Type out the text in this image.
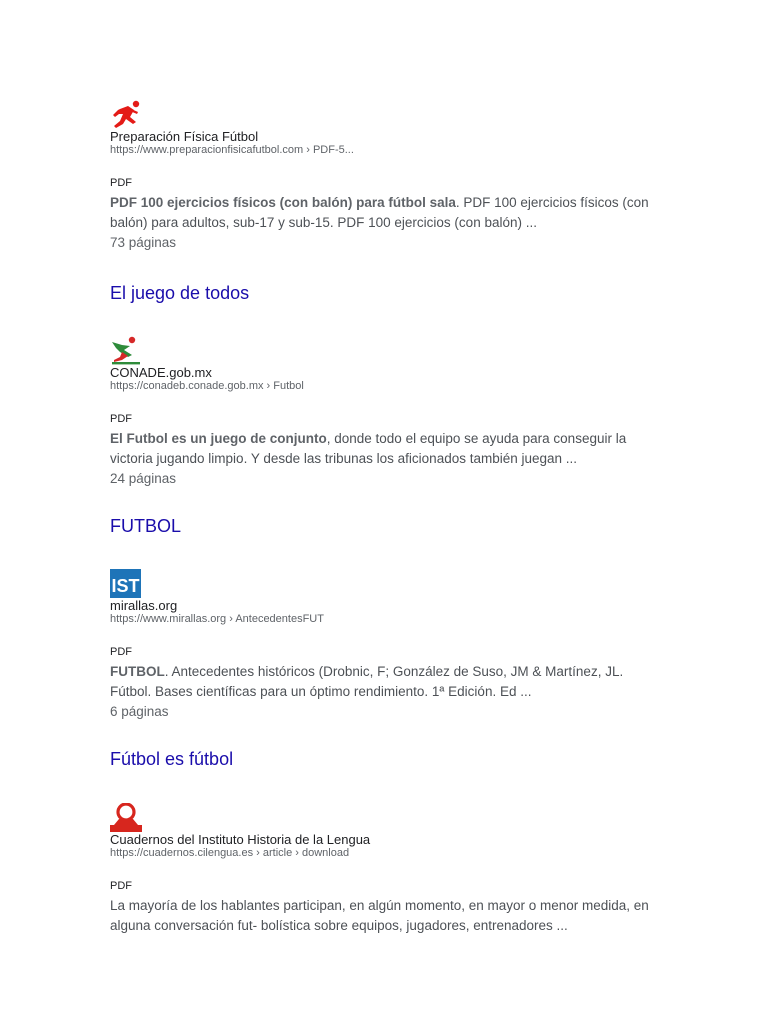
Preparación Física Fútbol
https://www.preparacionfisicafutbol.com › PDF-5...
PDF
PDF 100 ejercicios físicos (con balón) para fútbol sala. PDF 100 ejercicios físicos (con balón) para adultos, sub-17 y sub-15. PDF 100 ejercicios (con balón) ...
73 páginas
El juego de todos
CONADE.gob.mx
https://conadeb.conade.gob.mx › Futbol
PDF
El Futbol es un juego de conjunto, donde todo el equipo se ayuda para conseguir la victoria jugando limpio. Y desde las tribunas los aficionados también juegan ...
24 páginas
FUTBOL
IST
mirallas.org
https://www.mirallas.org › AntecedentesFUT
PDF
FUTBOL. Antecedentes históricos (Drobnic, F; González de Suso, JM & Martínez, JL. Fútbol. Bases científicas para un óptimo rendimiento. 1ª Edición. Ed ...
6 páginas
Fútbol es fútbol
Cuadernos del Instituto Historia de la Lengua
https://cuadernos.cilengua.es › article › download
PDF
La mayoría de los hablantes participan, en algún momento, en mayor o menor medida, en alguna conversación fut- bolística sobre equipos, jugadores, entrenadores ...
